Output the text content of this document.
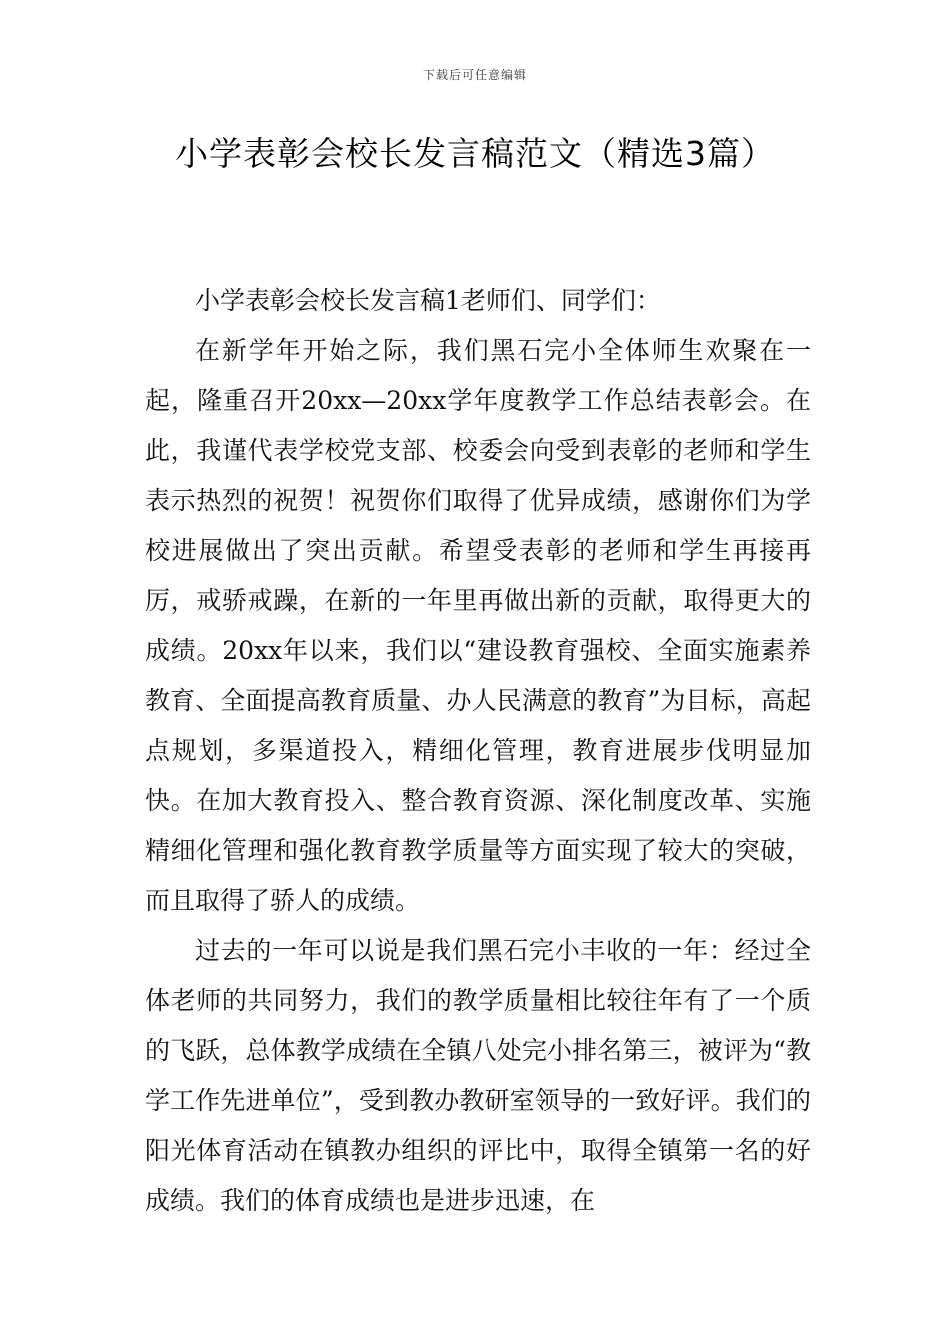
下载后可任意编辑
小学表彰会校长发言稿范文（精选3篇）

小学表彰会校长发言稿1老师们、同学们：

在新学年开始之际，我们黑石完小全体师生欢聚在一起，隆重召开20xx—20xx学年度教学工作总结表彰会。在此，我谨代表学校党支部、校委会向受到表彰的老师和学生表示热烈的祝贺！祝贺你们取得了优异成绩，感谢你们为学校进展做出了突出贡献。希望受表彰的老师和学生再接再厉，戒骄戒躁，在新的一年里再做出新的贡献，取得更大的成绩。20xx年以来，我们以“建设教育强校、全面实施素养教育、全面提高教育质量、办人民满意的教育”为目标，高起点规划，多渠道投入，精细化管理，教育进展步伐明显加快。在加大教育投入、整合教育资源、深化制度改革、实施精细化管理和强化教育教学质量等方面实现了较大的突破，而且取得了骄人的成绩。

过去的一年可以说是我们黑石完小丰收的一年：经过全体老师的共同努力，我们的教学质量相比较往年有了一个质的飞跃，总体教学成绩在全镇八处完小排名第三，被评为“教学工作先进单位”，受到教办教研室领导的一致好评。我们的阳光体育活动在镇教办组织的评比中，取得全镇第一名的好成绩。我们的体育成绩也是进步迅速，在
